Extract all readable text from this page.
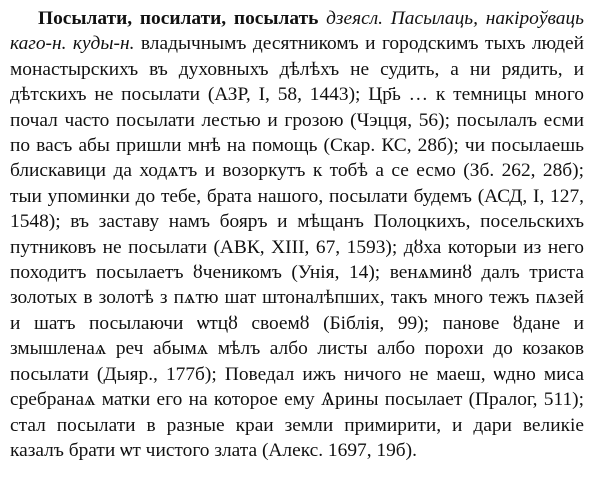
Посылати, посилати, посылать дзеясл. Пасылаць, накіроўваць каго-н. куды-н. владычнымъ десятникомъ и городскимъ тыхъ людей монастырскихъ въ духовныхъ дѣлѣхъ не судить, а ни рядить, и дѣтскихъ не посылати (АЗР, I, 58, 1443); Цр҃ь … к темницы много почал часто посылати лестью и грозою (Чэцця, 56); посылалъ есми по васъ абы пришли мнѣ на помощь (Скар. КС, 28б); чи посылаешь блискавици да ходѧтъ и возоркутъ к тобѣ а се есмо (Зб. 262, 28б); тыи упоминки до тебе, брата нашого, посылати будемъ (АСД, I, 127, 1548); въ заставу намъ бояръ и мѣщанъ Полоцкихъ, посельскихъ путниковъ не посылати (АВК, XIII, 67, 1593); дȣха которыи из него походитъ посылаетъ ȣченикомъ (Унія, 14); венѧминȣ далъ триста золотых в золотѣ з пѧтю шат штоналѣпших, такъ много тежъ пѧзей и шатъ посылаючи ѡтцȣ своемȣ (Біблія, 99); панове ȣдане и змышленаѧ реч абымѧ мѣлъ албо листы албо порохи до козаков посылати (Дыяр., 177б); Поведал ижъ ничого не маеш, ѡдно миса сребранаѧ матки его на которое ему Ѧрины посылает (Пралог, 511); стал посылати в разные краи земли примирити, и дари великіе казалъ брати ѡт чистого злата (Алекс. 1697, 19б).
